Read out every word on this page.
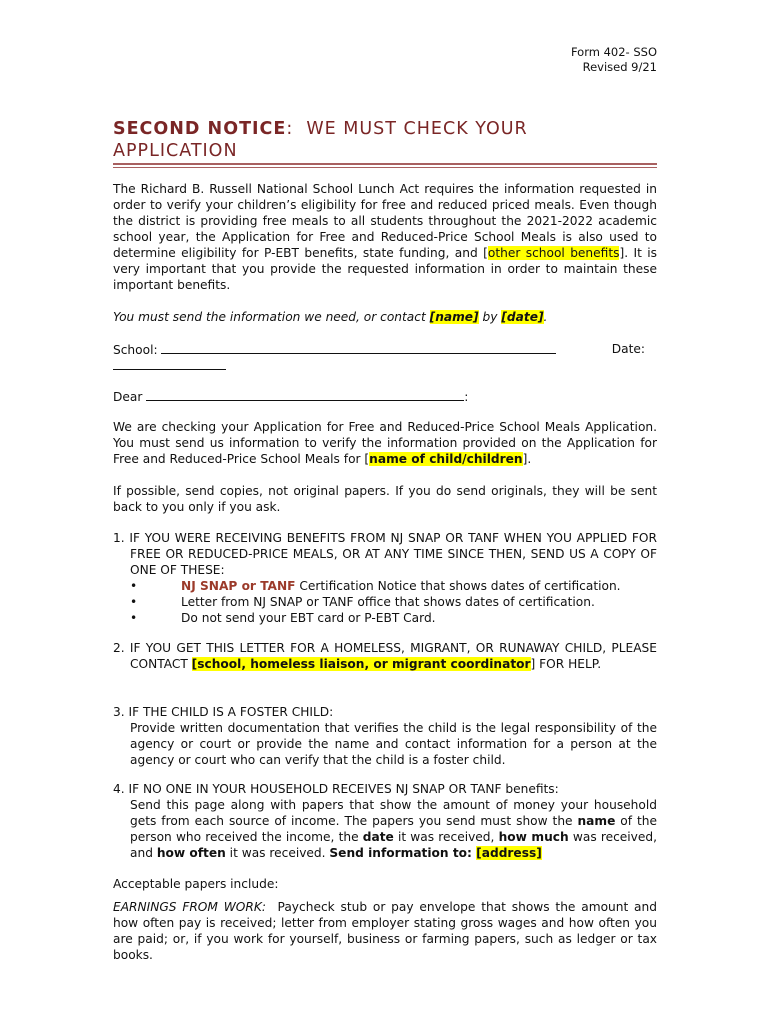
Form 402- SSO
Revised 9/21
SECOND NOTICE:  WE MUST CHECK YOUR
APPLICATION
The Richard B. Russell National School Lunch Act requires the information requested in order to verify your children’s eligibility for free and reduced priced meals. Even though the district is providing free meals to all students throughout the 2021-2022 academic school year, the Application for Free and Reduced-Price School Meals is also used to determine eligibility for P-EBT benefits, state funding, and [other school benefits]. It is very important that you provide the requested information in order to maintain these important benefits.
You must send the information we need, or contact [name] by [date].
School:	Date:
Dear	:
We are checking your Application for Free and Reduced-Price School Meals Application. You must send us information to verify the information provided on the Application for Free and Reduced-Price School Meals for [name of child/children].
If possible, send copies, not original papers. If you do send originals, they will be sent back to you only if you ask.
1. IF YOU WERE RECEIVING BENEFITS FROM NJ SNAP OR TANF WHEN YOU APPLIED FOR FREE OR REDUCED-PRICE MEALS, OR AT ANY TIME SINCE THEN, SEND US A COPY OF ONE OF THESE:
•	NJ SNAP or TANF Certification Notice that shows dates of certification.
•	Letter from NJ SNAP or TANF office that shows dates of certification.
•	Do not send your EBT card or P-EBT Card.
2. IF YOU GET THIS LETTER FOR A HOMELESS, MIGRANT, OR RUNAWAY CHILD, PLEASE CONTACT [school, homeless liaison, or migrant coordinator] FOR HELP.
3. IF THE CHILD IS A FOSTER CHILD:
Provide written documentation that verifies the child is the legal responsibility of the agency or court or provide the name and contact information for a person at the agency or court who can verify that the child is a foster child.
4. IF NO ONE IN YOUR HOUSEHOLD RECEIVES NJ SNAP OR TANF benefits:
Send this page along with papers that show the amount of money your household gets from each source of income. The papers you send must show the name of the person who received the income, the date it was received, how much was received, and how often it was received. Send information to: [address]
Acceptable papers include:
EARNINGS FROM WORK:  Paycheck stub or pay envelope that shows the amount and how often pay is received; letter from employer stating gross wages and how often you are paid; or, if you work for yourself, business or farming papers, such as ledger or tax books.
